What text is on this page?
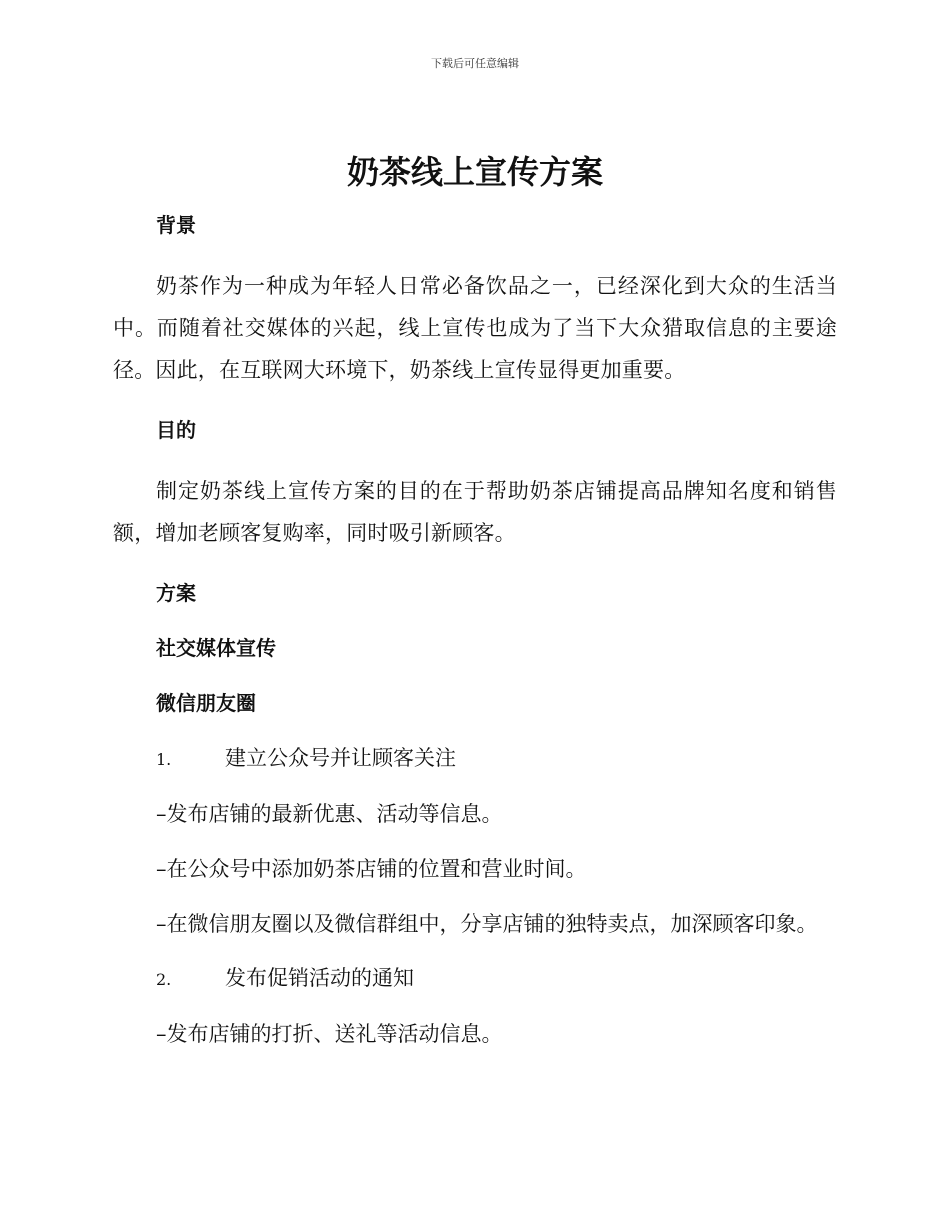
下载后可任意编辑
奶茶线上宣传方案
背景

奶茶作为一种成为年轻人日常必备饮品之一，已经深化到大众的生活当中。而随着社交媒体的兴起，线上宣传也成为了当下大众猎取信息的主要途径。因此，在互联网大环境下，奶茶线上宣传显得更加重要。

目的

制定奶茶线上宣传方案的目的在于帮助奶茶店铺提高品牌知名度和销售额，增加老顾客复购率，同时吸引新顾客。

方案
社交媒体宣传
微信朋友圈
1.	建立公众号并让顾客关注

–发布店铺的最新优惠、活动等信息。

–在公众号中添加奶茶店铺的位置和营业时间。

–在微信朋友圈以及微信群组中，分享店铺的独特卖点，加深顾客印象。

2.	发布促销活动的通知

–发布店铺的打折、送礼等活动信息。
